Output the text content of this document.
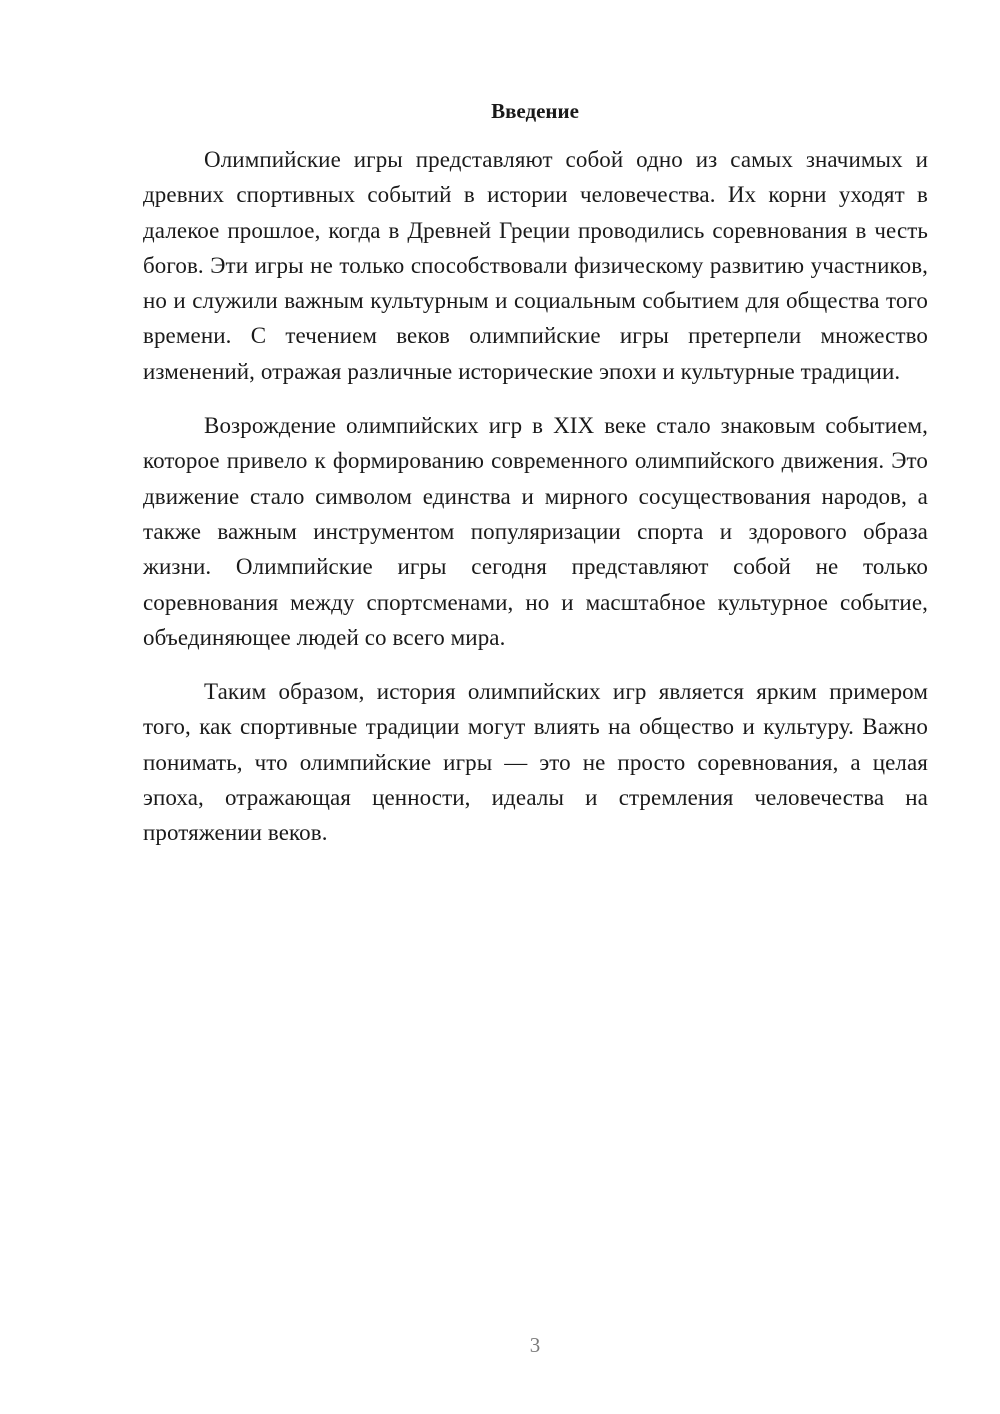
Введение

Олимпийские игры представляют собой одно из самых значимых и древних спортивных событий в истории человечества. Их корни уходят в далекое прошлое, когда в Древней Греции проводились соревнования в честь богов. Эти игры не только способствовали физическому развитию участников, но и служили важным культурным и социальным событием для общества того времени. С течением веков олимпийские игры претерпели множество изменений, отражая различные исторические эпохи и культурные традиции.

Возрождение олимпийских игр в XIX веке стало знаковым событием, которое привело к формированию современного олимпийского движения. Это движение стало символом единства и мирного сосуществования народов, а также важным инструментом популяризации спорта и здорового образа жизни. Олимпийские игры сегодня представляют собой не только соревнования между спортсменами, но и масштабное культурное событие, объединяющее людей со всего мира.

Таким образом, история олимпийских игр является ярким примером того, как спортивные традиции могут влиять на общество и культуру. Важно понимать, что олимпийские игры — это не просто соревнования, а целая эпоха, отражающая ценности, идеалы и стремления человечества на протяжении веков.

3
